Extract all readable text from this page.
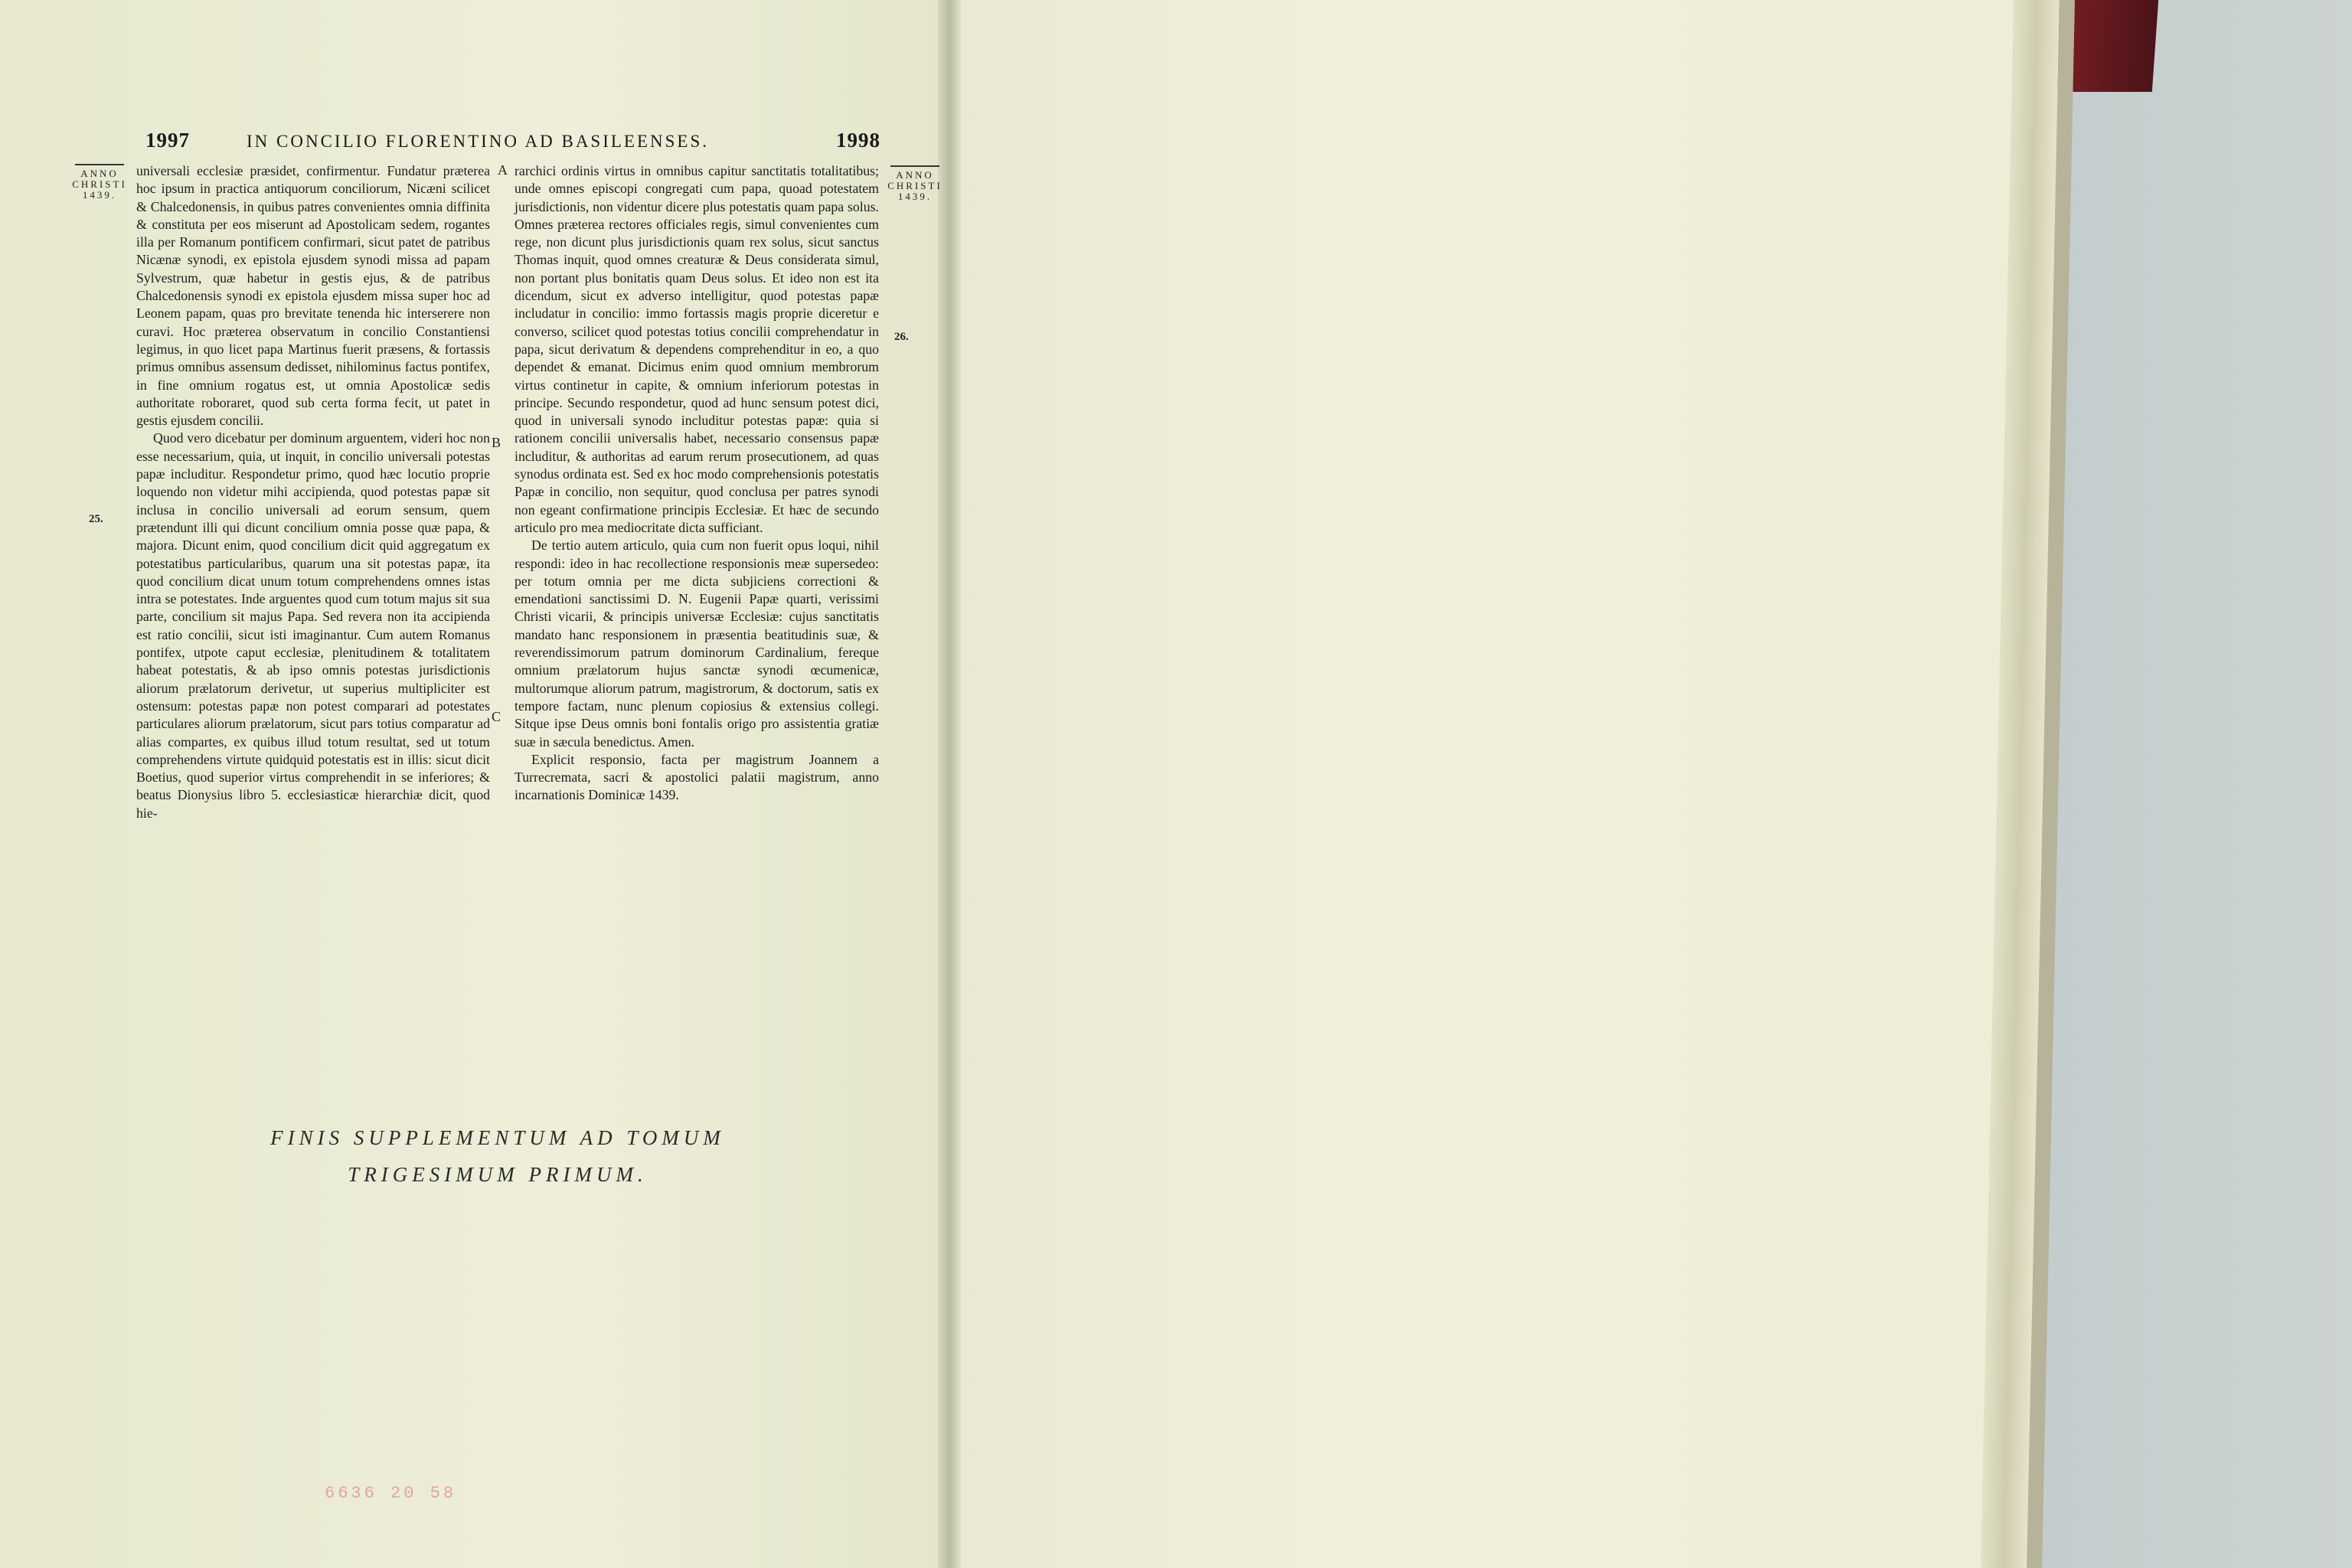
1997	IN CONCILIO FLORENTINO AD BASILEENSES.	1998
ANNO
CHRISTI
1439.
ANNO
CHRISTI
1439.
25.
26.
A
B
C

universali ecclesiæ præsidet, confirmentur. Fundatur præterea hoc ipsum in practica antiquorum conciliorum, Nicæni scilicet & Chalcedonensis, in quibus patres convenientes omnia diffinita & constituta per eos miserunt ad Apostolicam sedem, rogantes illa per Romanum pontificem confirmari, sicut patet de patribus Nicænæ synodi, ex epistola ejusdem synodi missa ad papam Sylvestrum, quæ habetur in gestis ejus, & de patribus Chalcedonensis synodi ex epistola ejusdem missa super hoc ad Leonem papam, quas pro brevitate tenenda hic interserere non curavi. Hoc præterea observatum in concilio Constantiensi legimus, in quo licet papa Martinus fuerit præsens, & fortassis primus omnibus assensum dedisset, nihilominus factus pontifex, in fine omnium rogatus est, ut omnia Apostolicæ sedis authoritate roboraret, quod sub certa forma fecit, ut patet in gestis ejusdem concilii.

Quod vero dicebatur per dominum arguentem, videri hoc non esse necessarium, quia, ut inquit, in concilio universali potestas papæ includitur. Respondetur primo, quod hæc locutio proprie loquendo non videtur mihi accipienda, quod potestas papæ sit inclusa in concilio universali ad eorum sensum, quem prætendunt illi qui dicunt concilium omnia posse quæ papa, & majora. Dicunt enim, quod concilium dicit quid aggregatum ex potestatibus particularibus, quarum una sit potestas papæ, ita quod concilium dicat unum totum comprehendens omnes istas intra se potestates. Inde arguentes quod cum totum majus sit sua parte, concilium sit majus Papa. Sed revera non ita accipienda est ratio concilii, sicut isti imaginantur. Cum autem Romanus pontifex, utpote caput ecclesiæ, plenitudinem & totalitatem habeat potestatis, & ab ipso omnis potestas jurisdictionis aliorum prælatorum derivetur, ut superius multipliciter est ostensum: potestas papæ non potest comparari ad potestates particulares aliorum prælatorum, sicut pars totius comparatur ad alias compartes, ex quibus illud totum resultat, sed ut totum comprehendens virtute quidquid potestatis est in illis: sicut dicit Boetius, quod superior virtus comprehendit in se inferiores; & beatus Dionysius libro 5. ecclesiasticæ hierarchiæ dicit, quod hie-

rarchici ordinis virtus in omnibus capitur sanctitatis totalitatibus; unde omnes episcopi congregati cum papa, quoad potestatem jurisdictionis, non videntur dicere plus potestatis quam papa solus. Omnes præterea rectores officiales regis, simul convenientes cum rege, non dicunt plus jurisdictionis quam rex solus, sicut sanctus Thomas inquit, quod omnes creaturæ & Deus considerata simul, non portant plus bonitatis quam Deus solus. Et ideo non est ita dicendum, sicut ex adverso intelligitur, quod potestas papæ includatur in concilio: immo fortassis magis proprie diceretur e converso, scilicet quod potestas totius concilii comprehendatur in papa, sicut derivatum & dependens comprehenditur in eo, a quo dependet & emanat. Dicimus enim quod omnium membrorum virtus continetur in capite, & omnium inferiorum potestas in principe. Secundo respondetur, quod ad hunc sensum potest dici, quod in universali synodo includitur potestas papæ: quia si rationem concilii universalis habet, necessario consensus papæ includitur, & authoritas ad earum rerum prosecutionem, ad quas synodus ordinata est. Sed ex hoc modo comprehensionis potestatis Papæ in concilio, non sequitur, quod conclusa per patres synodi non egeant confirmatione principis Ecclesiæ. Et hæc de secundo articulo pro mea mediocritate dicta sufficiant.

De tertio autem articulo, quia cum non fuerit opus loqui, nihil respondi: ideo in hac recollectione responsionis meæ supersedeo: per totum omnia per me dicta subjiciens correctioni & emendationi sanctissimi D. N. Eugenii Papæ quarti, verissimi Christi vicarii, & principis universæ Ecclesiæ: cujus sanctitatis mandato hanc responsionem in præsentia beatitudinis suæ, & reverendissimorum patrum dominorum Cardinalium, fereque omnium prælatorum hujus sanctæ synodi œcumenicæ, multorumque aliorum patrum, magistrorum, & doctorum, satis ex tempore factam, nunc plenum copiosius & extensius collegi. Sitque ipse Deus omnis boni fontalis origo pro assistentia gratiæ suæ in sæcula benedictus. Amen.

Explicit responsio, facta per magistrum Joannem a Turrecremata, sacri & apostolici palatii magistrum, anno incarnationis Dominicæ 1439.

FINIS SUPPLEMENTUM AD TOMUM
TRIGESIMUM PRIMUM.
6636 20 58
